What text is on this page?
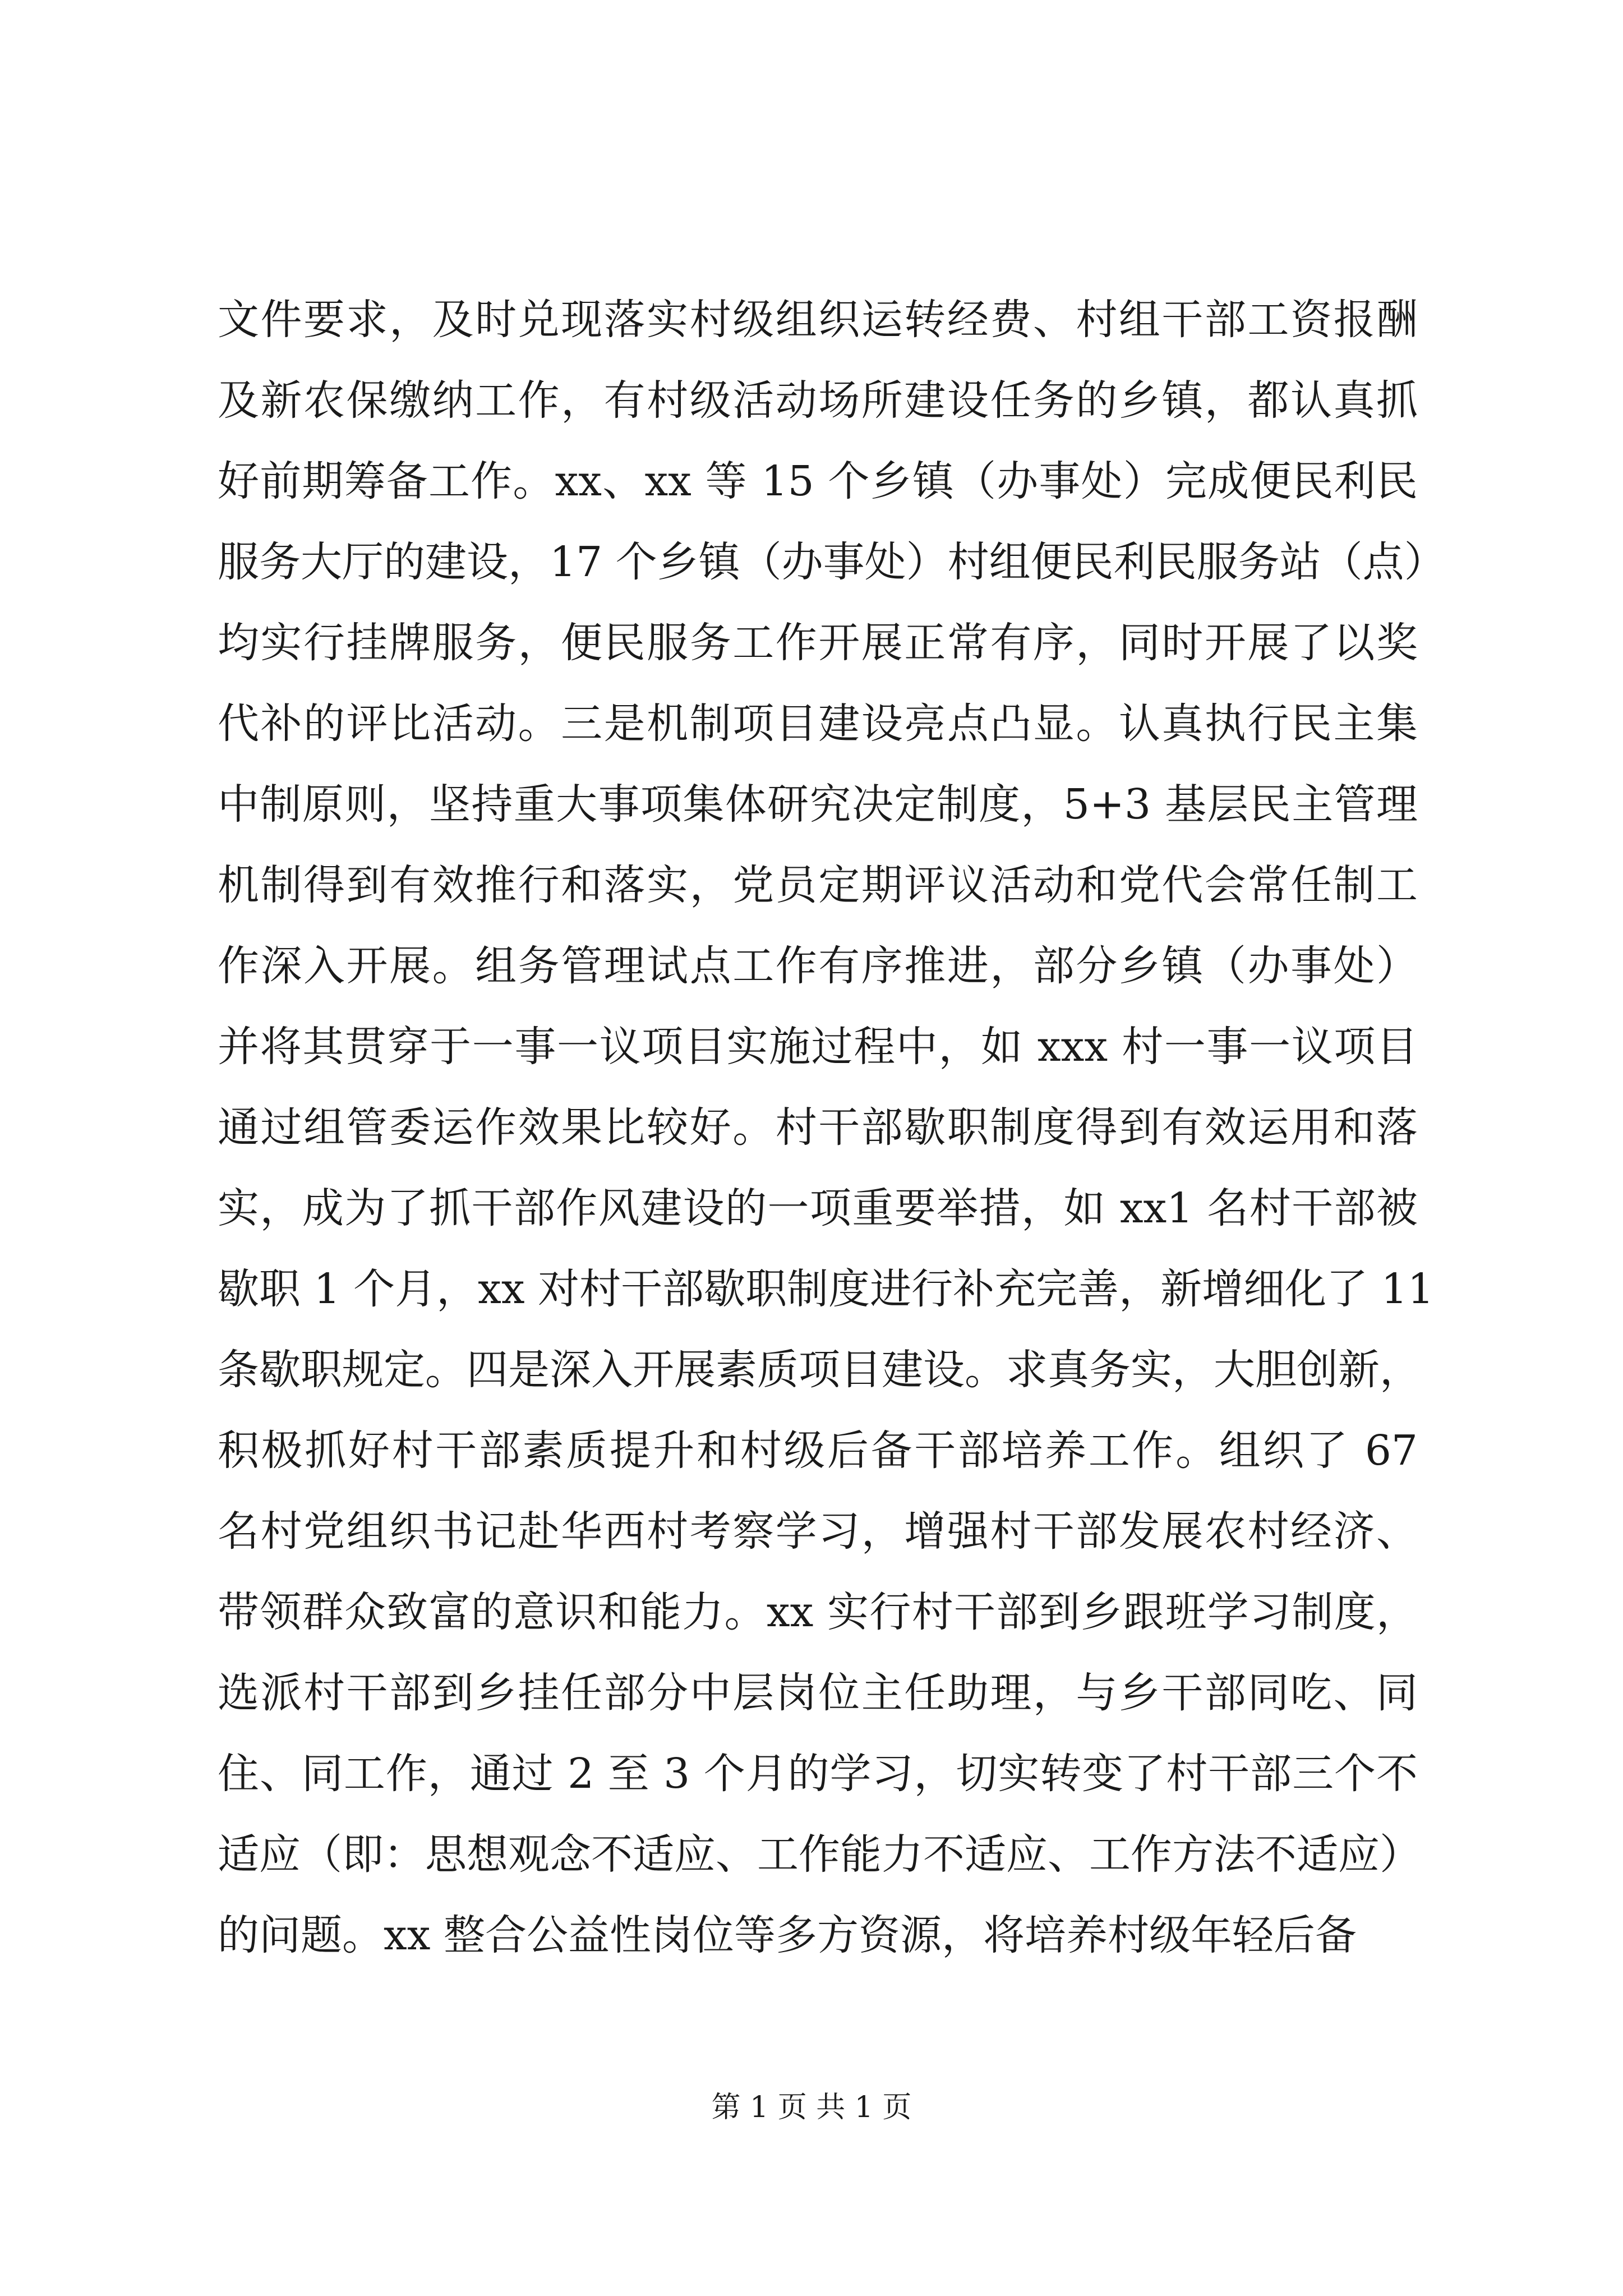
文件要求，及时兑现落实村级组织运转经费、村组干部工资报酬
及新农保缴纳工作，有村级活动场所建设任务的乡镇，都认真抓
好前期筹备工作。xx、xx 等 15 个乡镇（办事处）完成便民利民
服务大厅的建设，17 个乡镇（办事处）村组便民利民服务站（点）
均实行挂牌服务，便民服务工作开展正常有序，同时开展了以奖
代补的评比活动。三是机制项目建设亮点凸显。认真执行民主集
中制原则，坚持重大事项集体研究决定制度，5+3 基层民主管理
机制得到有效推行和落实，党员定期评议活动和党代会常任制工
作深入开展。组务管理试点工作有序推进，部分乡镇（办事处）
并将其贯穿于一事一议项目实施过程中，如 xxx 村一事一议项目
通过组管委运作效果比较好。村干部歇职制度得到有效运用和落
实，成为了抓干部作风建设的一项重要举措，如 xx1 名村干部被
歇职 1 个月，xx 对村干部歇职制度进行补充完善，新增细化了 11
条歇职规定。四是深入开展素质项目建设。求真务实，大胆创新，
积极抓好村干部素质提升和村级后备干部培养工作。组织了 67
名村党组织书记赴华西村考察学习，增强村干部发展农村经济、
带领群众致富的意识和能力。xx 实行村干部到乡跟班学习制度，
选派村干部到乡挂任部分中层岗位主任助理，与乡干部同吃、同
住、同工作，通过 2 至 3 个月的学习，切实转变了村干部三个不
适应（即：思想观念不适应、工作能力不适应、工作方法不适应）
的问题。xx 整合公益性岗位等多方资源，将培养村级年轻后备
第 1 页 共 1 页
